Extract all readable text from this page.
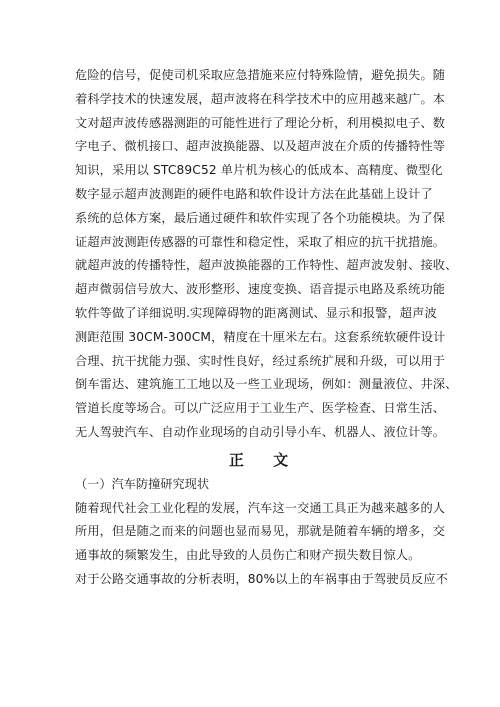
危险的信号，促使司机采取应急措施来应付特殊险情，避免损失。随
着科学技术的快速发展，超声波将在科学技术中的应用越来越广。本
文对超声波传感器测距的可能性进行了理论分析，利用模拟电子、数
字电子、微机接口、超声波换能器、以及超声波在介质的传播特性等
知识，采用以 STC89C52 单片机为核心的低成本、高精度、微型化
数字显示超声波测距的硬件电路和软件设计方法在此基础上设计了
系统的总体方案，最后通过硬件和软件实现了各个功能模块。为了保
证超声波测距传感器的可靠性和稳定性，采取了相应的抗干扰措施。
就超声波的传播特性，超声波换能器的工作特性、超声波发射、接收、
超声微弱信号放大、波形整形、速度变换、语音提示电路及系统功能
软件等做了详细说明.实现障碍物的距离测试、显示和报警，超声波
测距范围 30CM-300CM，精度在十厘米左右。这套系统软硬件设计
合理、抗干扰能力强、实时性良好，经过系统扩展和升级，可以用于
倒车雷达、建筑施工工地以及一些工业现场，例如：测量液位、井深、
管道长度等场合。可以广泛应用于工业生产、医学检查、日常生活、
无人驾驶汽车、自动作业现场的自动引导小车、机器人、液位计等。
正 文
（一）汽车防撞研究现状
随着现代社会工业化程的发展，汽车这一交通工具正为越来越多的人
所用，但是随之而来的问题也显而易见，那就是随着车辆的增多，交
通事故的频繁发生，由此导致的人员伤亡和财产损失数目惊人。
对于公路交通事故的分析表明，80%以上的车祸事由于驾驶员反应不
